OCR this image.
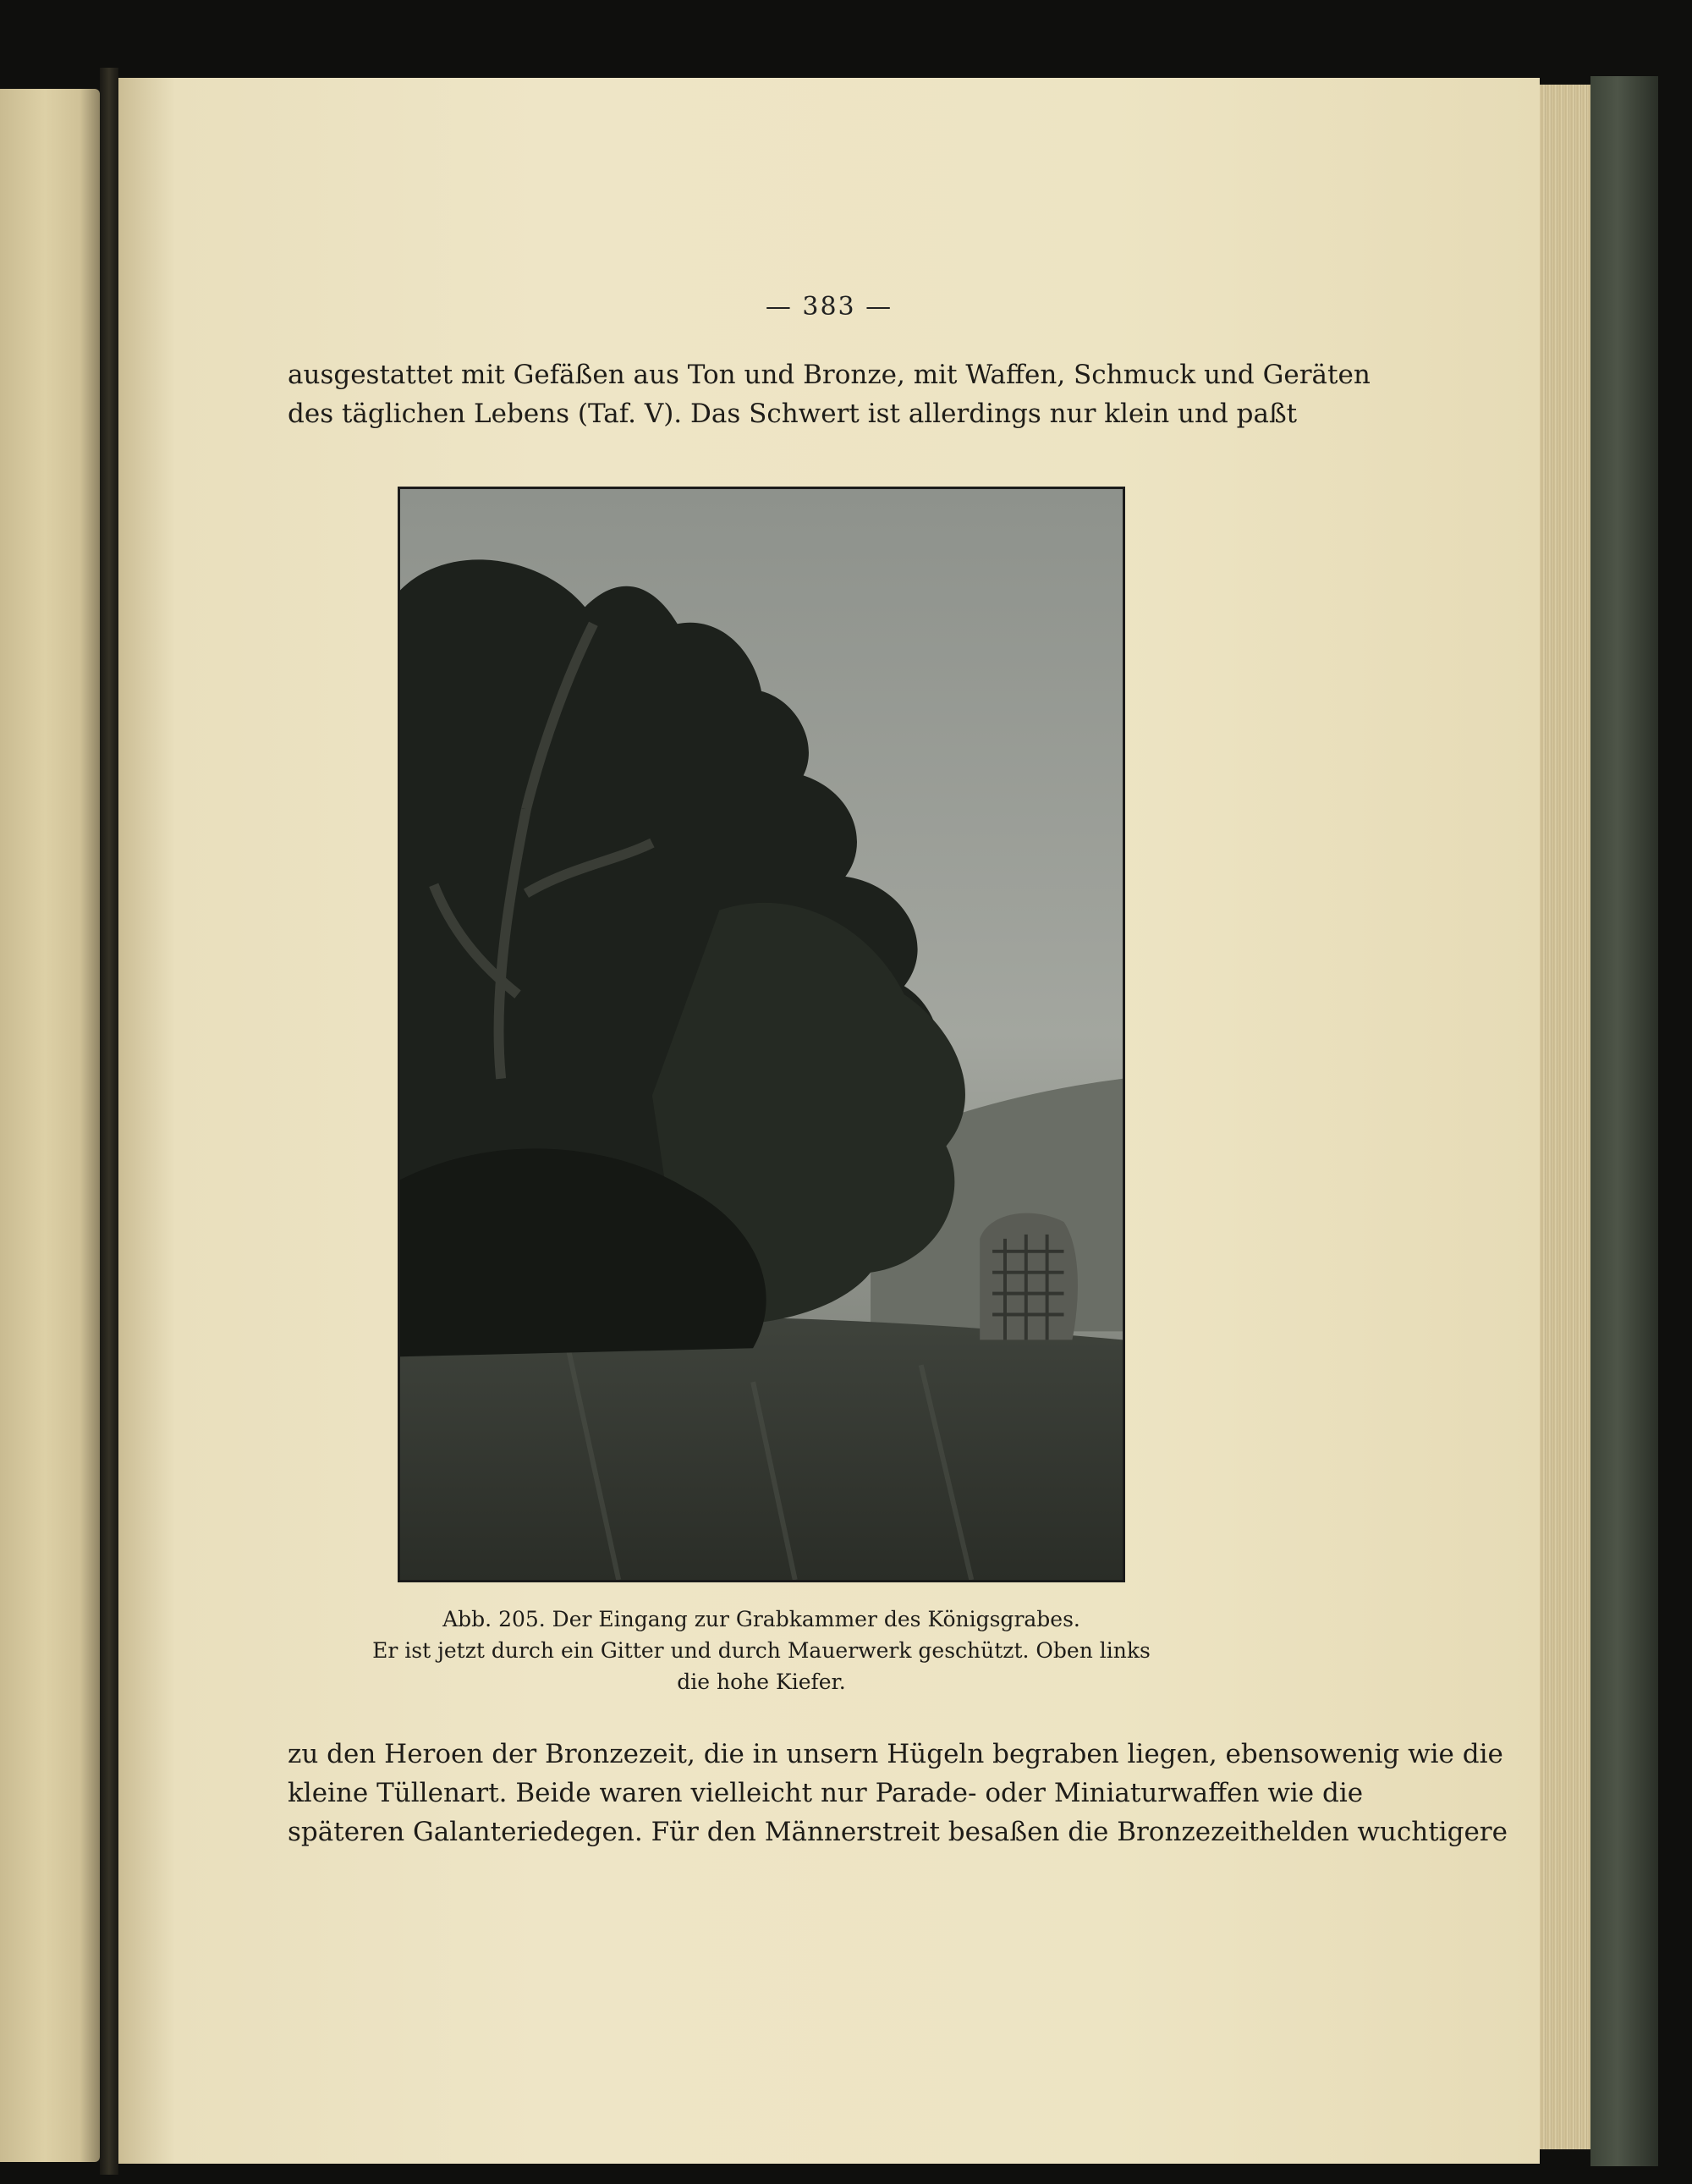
— 383 —
ausgestattet mit Gefäßen aus Ton und Bronze, mit Waffen, Schmuck und Geräten
des täglichen Lebens (Taf. V). Das Schwert ist allerdings nur klein und paßt
Abb. 205. Der Eingang zur Grabkammer des Königsgrabes.
Er ist jetzt durch ein Gitter und durch Mauerwerk geschützt. Oben links
die hohe Kiefer.
zu den Heroen der Bronzezeit, die in unsern Hügeln begraben liegen, ebensowenig wie die
kleine Tüllenart. Beide waren vielleicht nur Parade- oder Miniaturwaffen wie die
späteren Galanteriedegen. Für den Männerstreit besaßen die Bronzezeithelden wuchtigere
